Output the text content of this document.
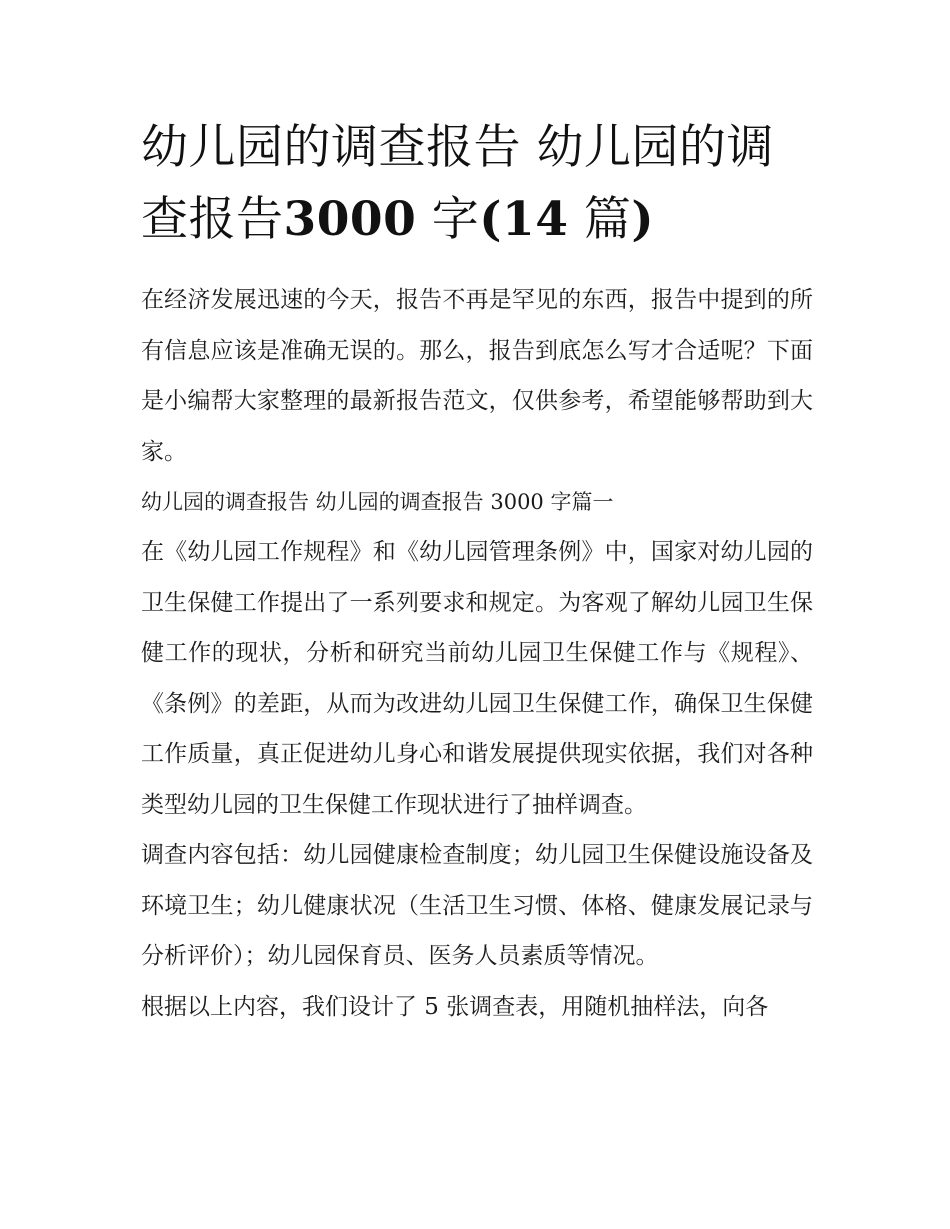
幼儿园的调查报告 幼儿园的调查报告3000 字(14 篇)

在经济发展迅速的今天，报告不再是罕见的东西，报告中提到的所有信息应该是准确无误的。那么，报告到底怎么写才合适呢？下面是小编帮大家整理的最新报告范文，仅供参考，希望能够帮助到大家。

幼儿园的调查报告 幼儿园的调查报告 3000 字篇一

在《幼儿园工作规程》和《幼儿园管理条例》中，国家对幼儿园的卫生保健工作提出了一系列要求和规定。为客观了解幼儿园卫生保健工作的现状，分析和研究当前幼儿园卫生保健工作与《规程》、《条例》的差距，从而为改进幼儿园卫生保健工作，确保卫生保健工作质量，真正促进幼儿身心和谐发展提供现实依据，我们对各种类型幼儿园的卫生保健工作现状进行了抽样调查。

调查内容包括：幼儿园健康检查制度；幼儿园卫生保健设施设备及环境卫生；幼儿健康状况（生活卫生习惯、体格、健康发展记录与分析评价）；幼儿园保育员、医务人员素质等情况。

根据以上内容，我们设计了 5 张调查表，用随机抽样法，向各
